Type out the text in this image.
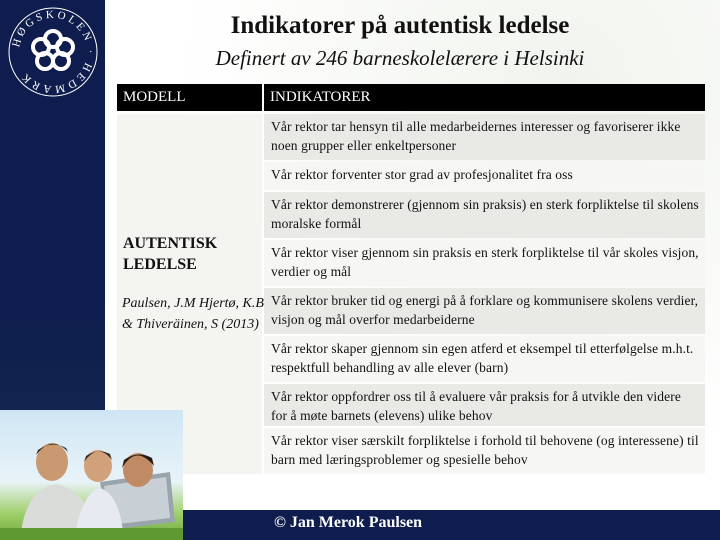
HØGSKOLEN · HEDMARK
Indikatorer på autentisk ledelse
Definert av 246 barneskolelærere i Helsinki
MODELL	INDIKATORER
AUTENTISK LEDELSE
Paulsen, J.M Hjertø, K.B & Thiveräinen, S (2013)
Vår rektor tar hensyn til alle medarbeidernes interesser og favoriserer ikke noen grupper eller enkeltpersoner
Vår rektor forventer stor grad av profesjonalitet fra oss
Vår rektor demonstrerer (gjennom sin praksis) en sterk forpliktelse til skolens moralske formål
Vår rektor viser gjennom sin praksis en sterk forpliktelse til vår skoles visjon, verdier og mål
Vår rektor bruker tid og energi på å forklare og kommunisere skolens verdier, visjon og mål overfor medarbeiderne
Vår rektor skaper gjennom sin egen atferd et eksempel til etterfølgelse m.h.t. respektfull behandling av alle elever (barn)
Vår rektor oppfordrer oss til å evaluere vår praksis for å utvikle den videre for å møte barnets (elevens) ulike behov
Vår rektor viser særskilt forpliktelse i forhold til behovene (og interessene) til barn med læringsproblemer og spesielle behov
© Jan Merok Paulsen
